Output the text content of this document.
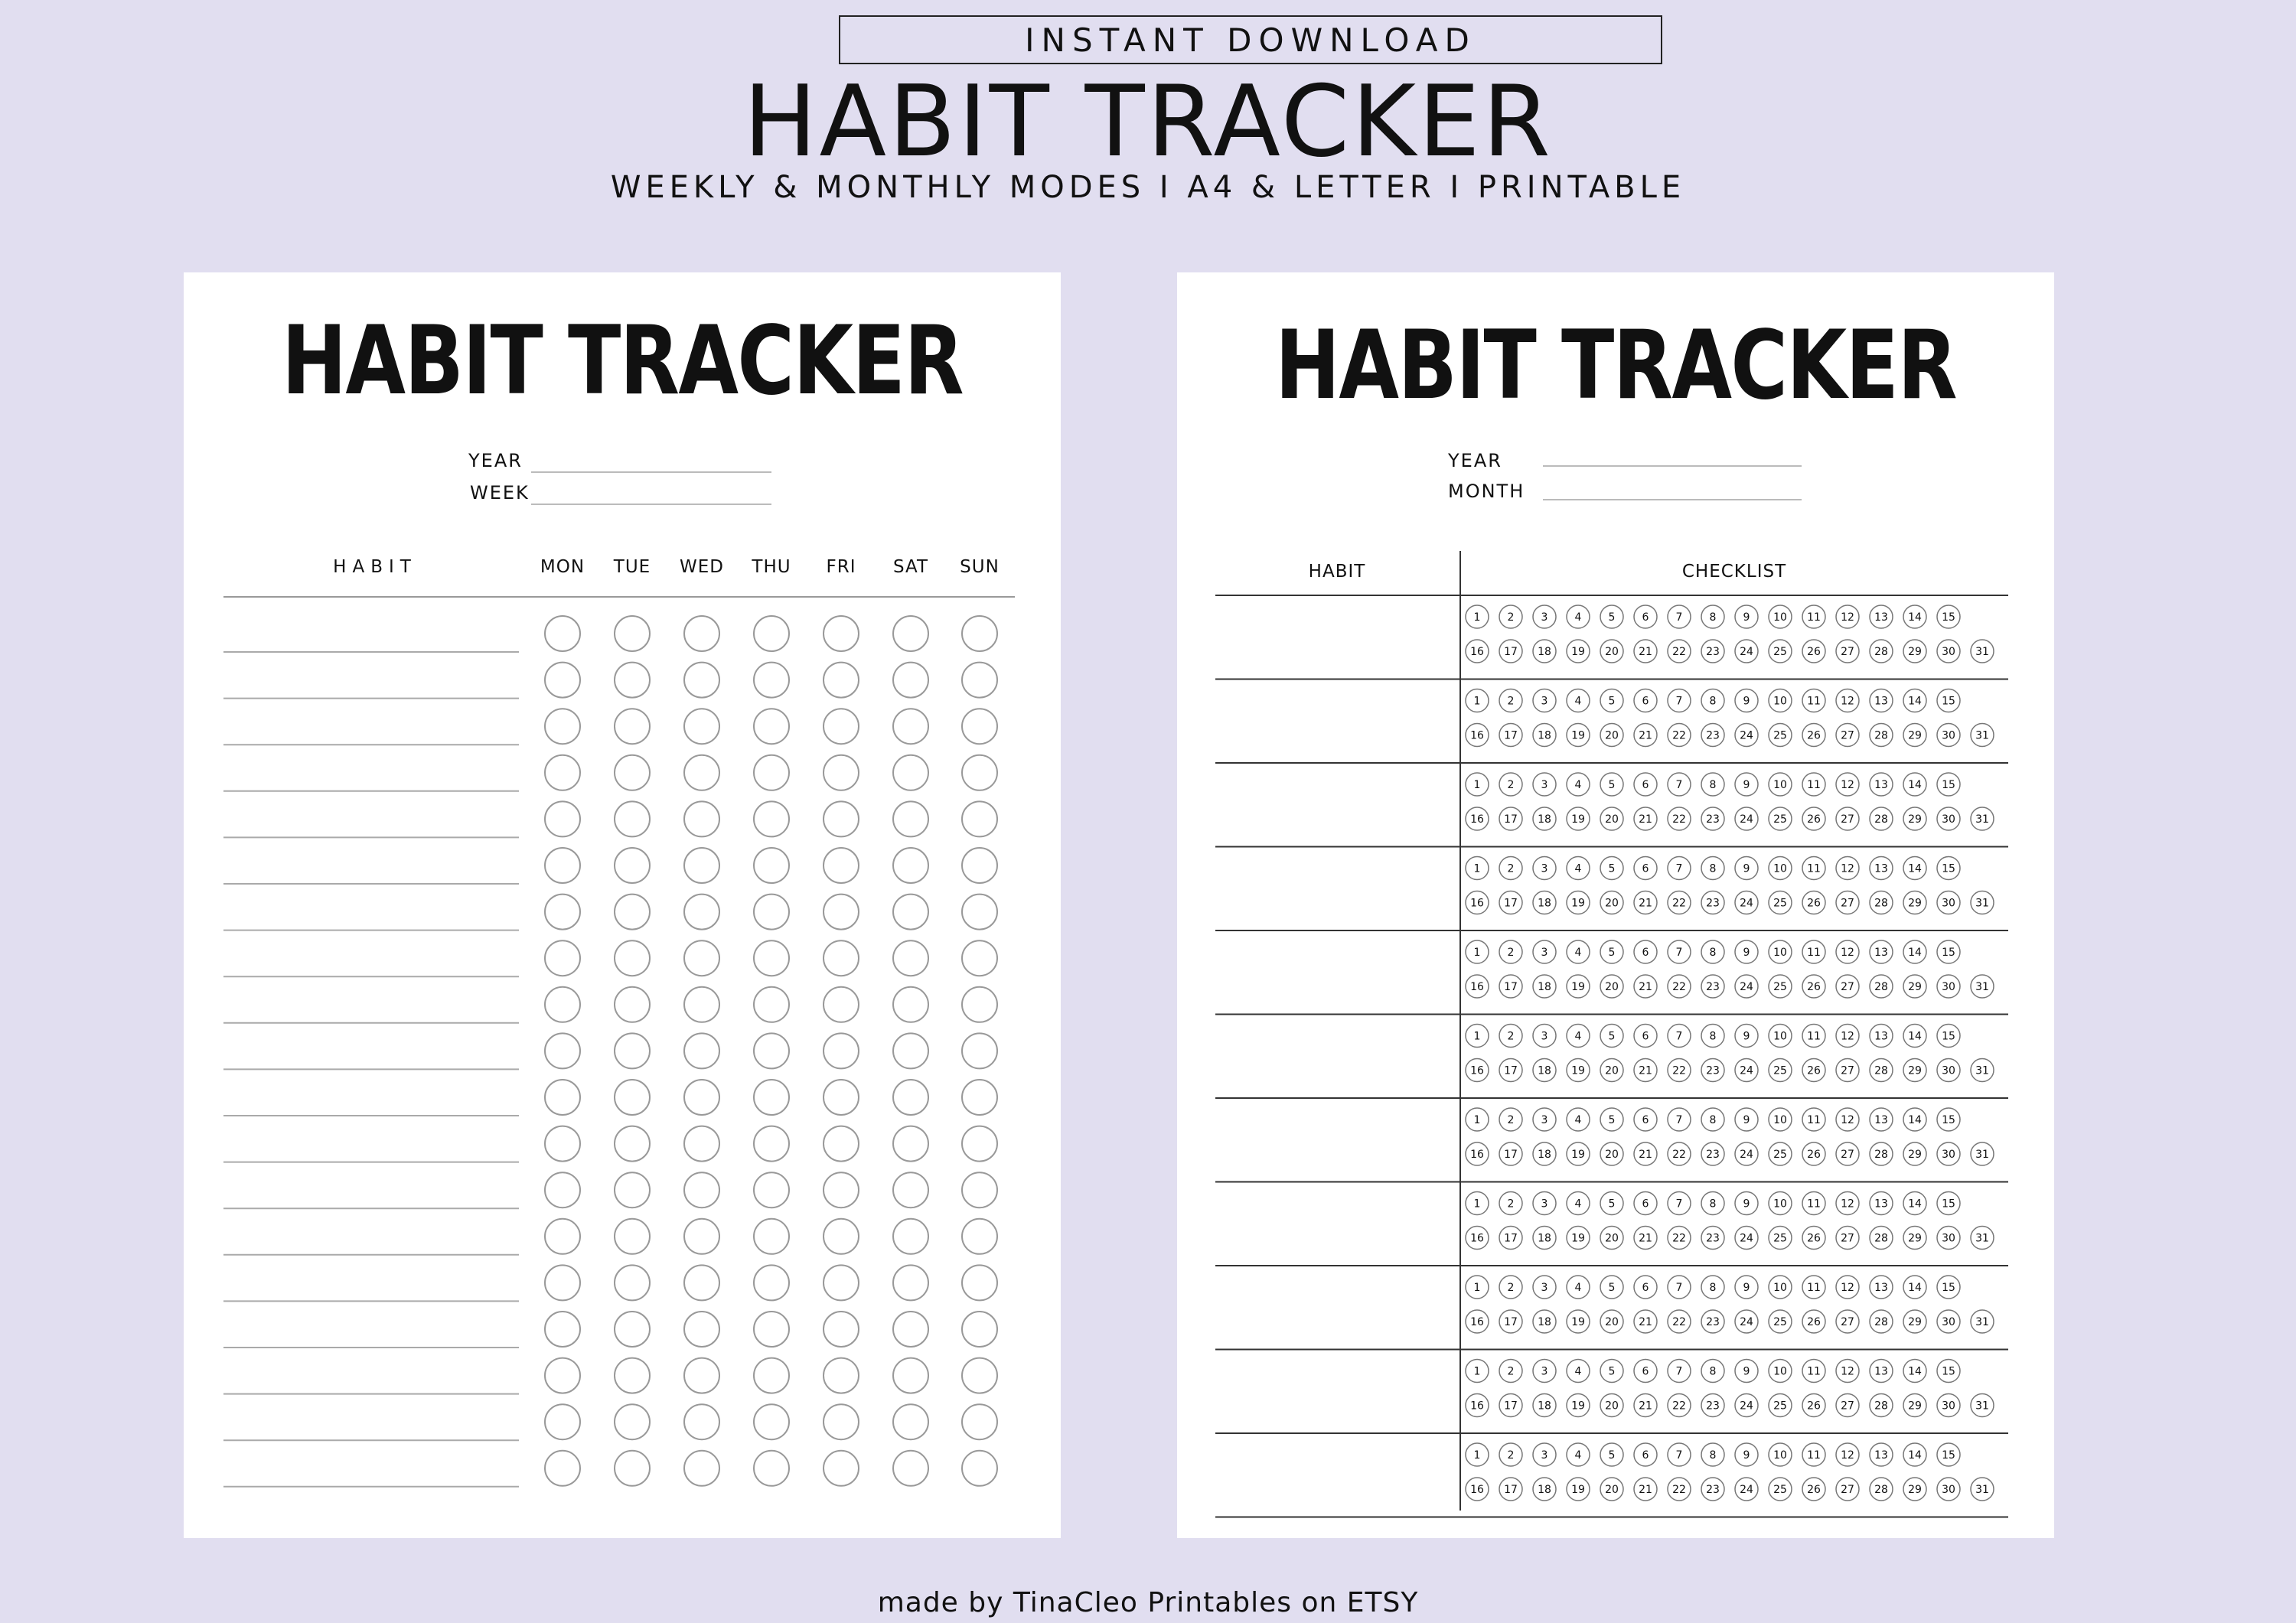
INSTANT DOWNLOAD
HABIT TRACKER
WEEKLY & MONTHLY MODES I A4 & LETTER I PRINTABLE
HABIT TRACKER
YEAR
WEEK
HABIT	MON	TUE	WED	THU	FRI	SAT	SUN
HABIT TRACKER
YEAR
MONTH
HABIT	CHECKLIST
1	2	3	4	5	6	7	8	9 10 11 12 13 14 15
16 17 18 19 20 21 22 23 24 25 26 27 28 29 30 31
1	2	3	4	5	6	7	8	9 10 11 12 13 14 15
16 17 18 19 20 21 22 23 24 25 26 27 28 29 30 31
1	2	3	4	5	6	7	8	9 10 11 12 13 14 15
16 17 18 19 20 21 22 23 24 25 26 27 28 29 30 31
1	2	3	4	5	6	7	8	9 10 11 12 13 14 15
16 17 18 19 20 21 22 23 24 25 26 27 28 29 30 31
1	2	3	4	5	6	7	8	9 10 11 12 13 14 15
16 17 18 19 20 21 22 23 24 25 26 27 28 29 30 31
1	2	3	4	5	6	7	8	9 10 11 12 13 14 15
16 17 18 19 20 21 22 23 24 25 26 27 28 29 30 31
1	2	3	4	5	6	7	8	9 10 11 12 13 14 15
16 17 18 19 20 21 22 23 24 25 26 27 28 29 30 31
1	2	3	4	5	6	7	8	9 10 11 12 13 14 15
16 17 18 19 20 21 22 23 24 25 26 27 28 29 30 31
1	2	3	4	5	6	7	8	9 10 11 12 13 14 15
16 17 18 19 20 21 22 23 24 25 26 27 28 29 30 31
1	2	3	4	5	6	7	8	9 10 11 12 13 14 15
16 17 18 19 20 21 22 23 24 25 26 27 28 29 30 31
1	2	3	4	5	6	7	8	9 10 11 12 13 14 15
16 17 18 19 20 21 22 23 24 25 26 27 28 29 30 31
made by TinaCleo Printables on ETSY
